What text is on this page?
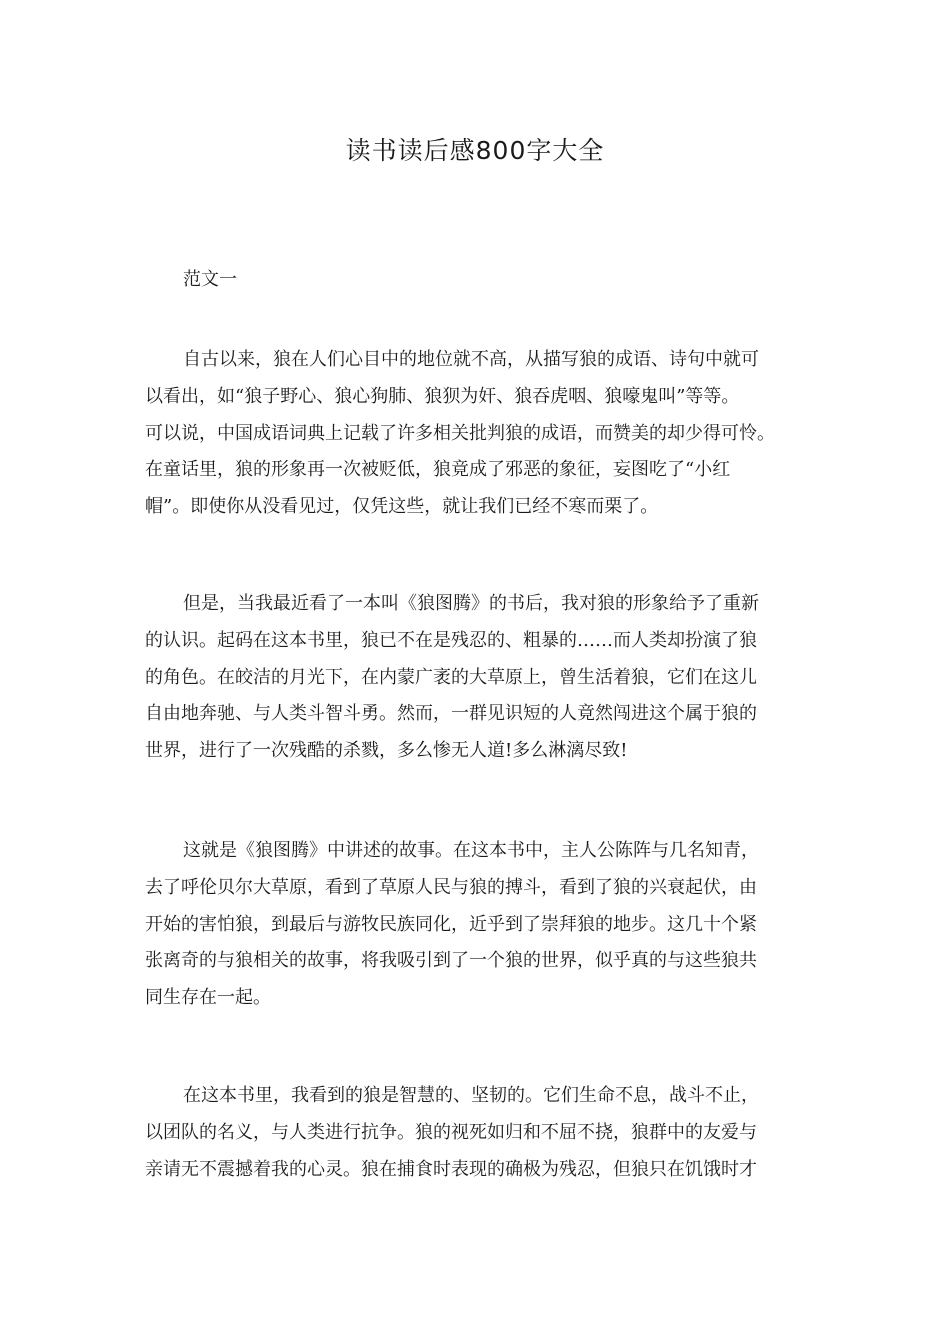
读书读后感800字大全

范文一

自古以来，狼在人们心目中的地位就不高，从描写狼的成语、诗句中就可
以看出，如“狼子野心、狼心狗肺、狼狈为奸、狼吞虎咽、狼嚎鬼叫”等等。
可以说，中国成语词典上记载了许多相关批判狼的成语，而赞美的却少得可怜。
在童话里，狼的形象再一次被贬低，狼竟成了邪恶的象征，妄图吃了“小红
帽”。即使你从没看见过，仅凭这些，就让我们已经不寒而栗了。

但是，当我最近看了一本叫《狼图腾》的书后，我对狼的形象给予了重新
的认识。起码在这本书里，狼已不在是残忍的、粗暴的……而人类却扮演了狼
的角色。在皎洁的月光下，在内蒙广袤的大草原上，曾生活着狼，它们在这儿
自由地奔驰、与人类斗智斗勇。然而，一群见识短的人竟然闯进这个属于狼的
世界，进行了一次残酷的杀戮，多么惨无人道!多么淋漓尽致!

这就是《狼图腾》中讲述的故事。在这本书中，主人公陈阵与几名知青，
去了呼伦贝尔大草原，看到了草原人民与狼的搏斗，看到了狼的兴衰起伏，由
开始的害怕狼，到最后与游牧民族同化，近乎到了崇拜狼的地步。这几十个紧
张离奇的与狼相关的故事，将我吸引到了一个狼的世界，似乎真的与这些狼共
同生存在一起。

在这本书里，我看到的狼是智慧的、坚韧的。它们生命不息，战斗不止，
以团队的名义，与人类进行抗争。狼的视死如归和不屈不挠，狼群中的友爱与
亲请无不震撼着我的心灵。狼在捕食时表现的确极为残忍，但狼只在饥饿时才
